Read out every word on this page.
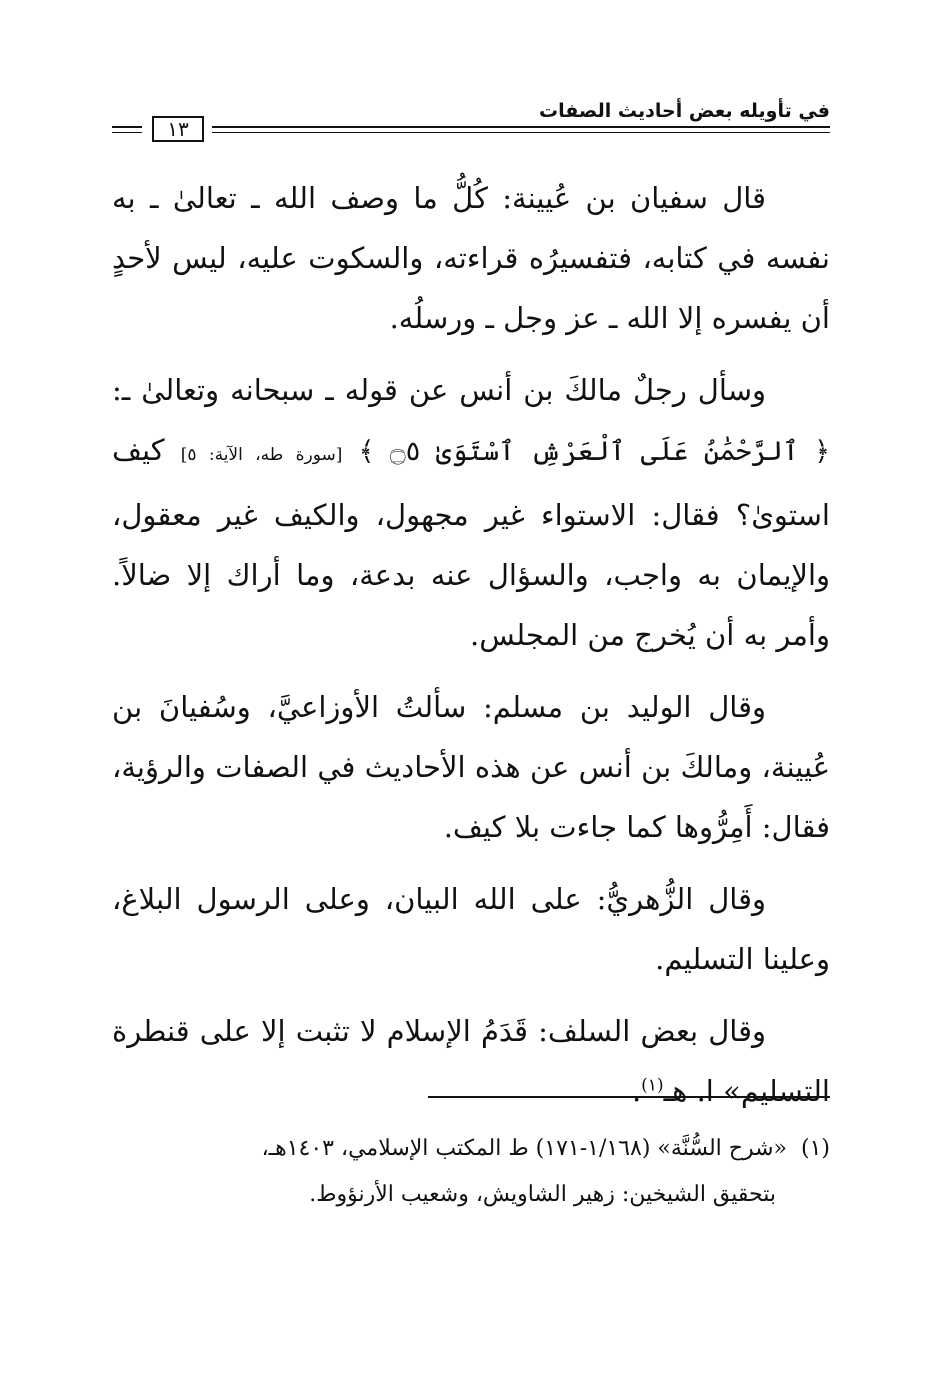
في تأويله بعض أحاديث الصفات
١٣

قال سفيان بن عُيينة: كُلُّ ما وصف الله ـ تعالىٰ ـ به نفسه في كتابه، فتفسيرُه قراءته، والسكوت عليه، ليس لأحدٍ أن يفسره إلا الله ـ عز وجل ـ ورسلُه.

وسأل رجلٌ مالكَ بن أنس عن قوله ـ سبحانه وتعالىٰ ـ: ﴿ ٱلرَّحْمَٰنُ عَلَى ٱلْعَرْشِ ٱسْتَوَىٰ ۝٥ ﴾ [سورة طه، الآية: ٥] كيف استوىٰ؟ فقال: الاستواء غير مجهول، والكيف غير معقول، والإيمان به واجب، والسؤال عنه بدعة، وما أراك إلا ضالاً. وأمر به أن يُخرج من المجلس.

وقال الوليد بن مسلم: سألتُ الأوزاعيَّ، وسُفيانَ بن عُيينة، ومالكَ بن أنس عن هذه الأحاديث في الصفات والرؤية، فقال: أَمِرُّوها كما جاءت بلا كيف.

وقال الزُّهريُّ: على الله البيان، وعلى الرسول البلاغ، وعلينا التسليم.

وقال بعض السلف: قَدَمُ الإسلام لا تثبت إلا على قنطرة التسليم» ا. هـ$^{(١)}$.

(١)  «شرح السُّنَّة» (١/١٦٨-١٧١) ط المكتب الإسلامي، ١٤٠٣هـ،

بتحقيق الشيخين: زهير الشاويش، وشعيب الأرنؤوط.
